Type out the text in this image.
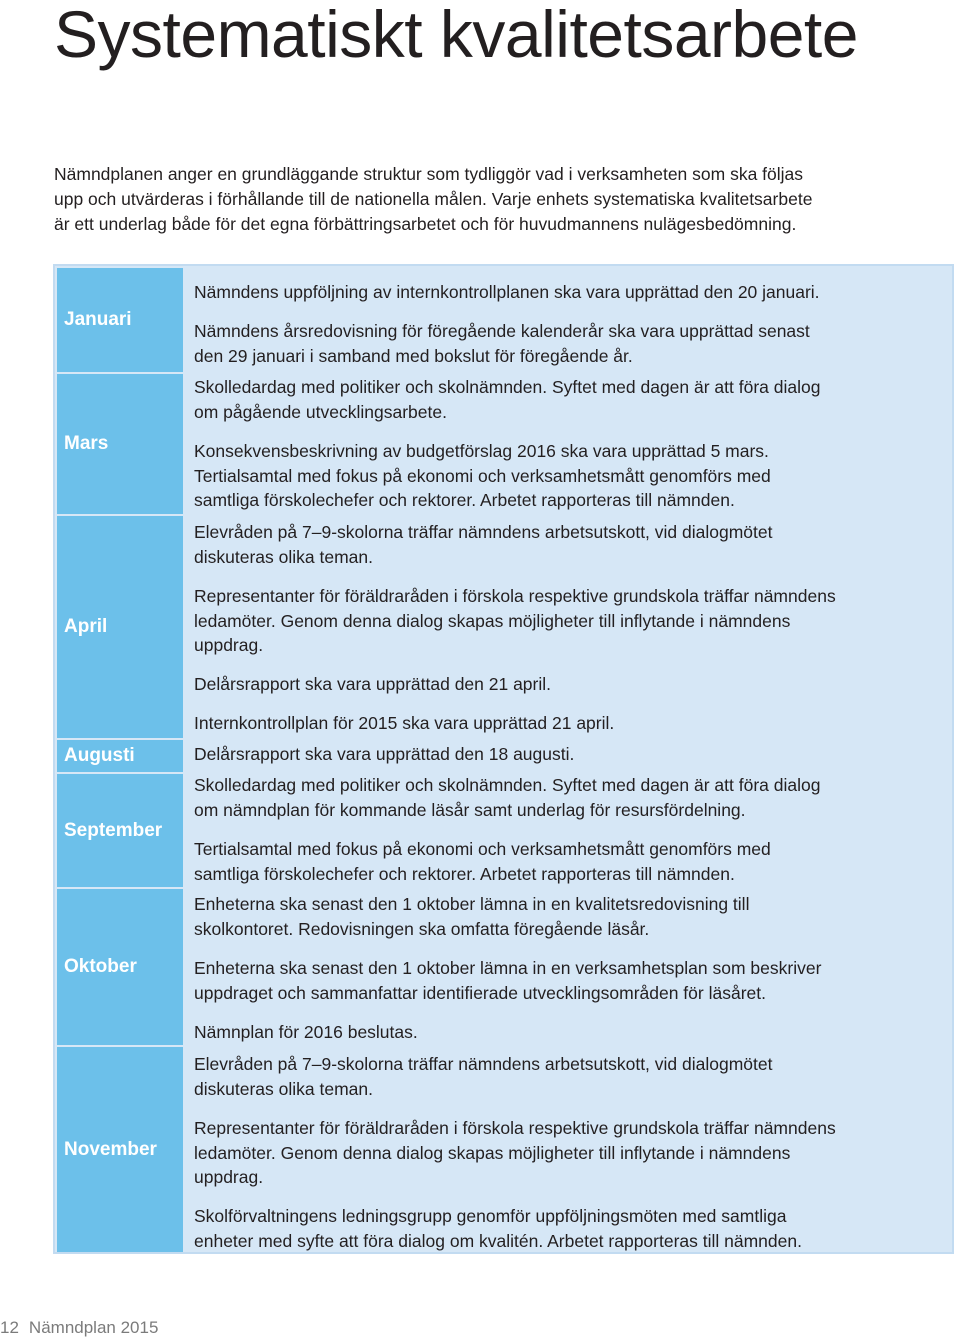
Systematiskt kvalitetsarbete

Nämndplanen anger en grundläggande struktur som tydliggör vad i verksamheten som ska följas
upp och utvärderas i förhållande till de nationella målen. Varje enhets systematiska kvalitetsarbete
är ett underlag både för det egna förbättringsarbetet och för huvudmannens nulägesbedömning.

Januari
Mars
April
Augusti
September
Oktober
November

Nämndens uppföljning av internkontrollplanen ska vara upprättad den 20 januari.

Nämndens årsredovisning för föregående kalenderår ska vara upprättad senast
den 29 januari i samband med bokslut för föregående år.

Skolledardag med politiker och skolnämnden. Syftet med dagen är att föra dialog
om pågående utvecklingsarbete.

Konsekvensbeskrivning av budgetförslag 2016 ska vara upprättad 5 mars.
Tertialsamtal med fokus på ekonomi och verksamhetsmått genomförs med
samtliga förskolechefer och rektorer. Arbetet rapporteras till nämnden.

Elevråden på 7–9-skolorna träffar nämndens arbetsutskott, vid dialogmötet
diskuteras olika teman.

Representanter för föräldraråden i förskola respektive grundskola träffar nämndens
ledamöter. Genom denna dialog skapas möjligheter till inflytande i nämndens
uppdrag.

Delårsrapport ska vara upprättad den 21 april.

Internkontrollplan för 2015 ska vara upprättad 21 april.

Delårsrapport ska vara upprättad den 18 augusti.

Skolledardag med politiker och skolnämnden. Syftet med dagen är att föra dialog
om nämndplan för kommande läsår samt underlag för resursfördelning.

Tertialsamtal med fokus på ekonomi och verksamhetsmått genomförs med
samtliga förskolechefer och rektorer. Arbetet rapporteras till nämnden.

Enheterna ska senast den 1 oktober lämna in en kvalitetsredovisning till
skolkontoret. Redovisningen ska omfatta föregående läsår.

Enheterna ska senast den 1 oktober lämna in en verksamhetsplan som beskriver
uppdraget och sammanfattar identifierade utvecklingsområden för läsåret.

Nämnplan för 2016 beslutas.

Elevråden på 7–9-skolorna träffar nämndens arbetsutskott, vid dialogmötet
diskuteras olika teman.

Representanter för föräldraråden i förskola respektive grundskola träffar nämndens
ledamöter. Genom denna dialog skapas möjligheter till inflytande i nämndens
uppdrag.

Skolförvaltningens ledningsgrupp genomför uppföljningsmöten med samtliga
enheter med syfte att föra dialog om kvalitén. Arbetet rapporteras till nämnden.

12 Nämndplan 2015
